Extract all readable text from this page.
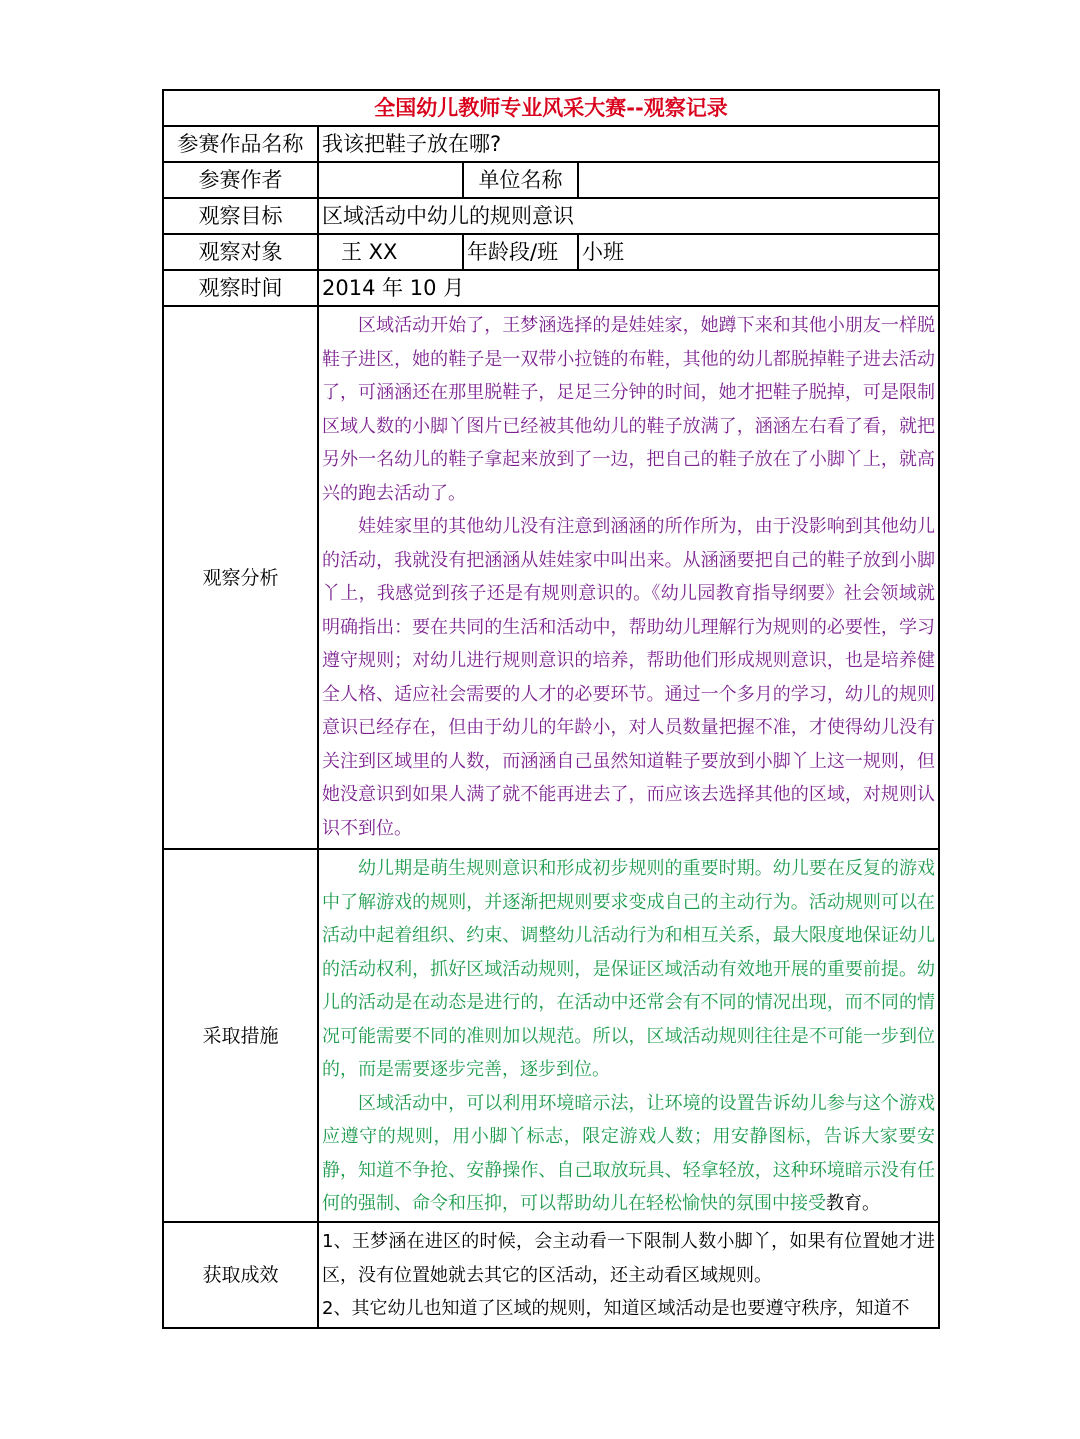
全国幼儿教师专业风采大赛--观察记录			
参赛作品名称	我该把鞋子放在哪?		
参赛作者		单位名称	
观察目标	区域活动中幼儿的规则意识		
观察对象	王 XX	年龄段/班	小班
观察时间	2014 年 10 月		
观察分析	区域活动开始了，王梦涵选择的是娃娃家，她蹲下来和其他小朋友一样脱鞋子进区，她的鞋子是一双带小拉链的布鞋，其他的幼儿都脱掉鞋子进去活动了，可涵涵还在那里脱鞋子，足足三分钟的时间，她才把鞋子脱掉，可是限制区域人数的小脚丫图片已经被其他幼儿的鞋子放满了，涵涵左右看了看，就把另外一名幼儿的鞋子拿起来放到了一边，把自己的鞋子放在了小脚丫上，就高兴的跑去活动了。

娃娃家里的其他幼儿没有注意到涵涵的所作所为，由于没影响到其他幼儿的活动，我就没有把涵涵从娃娃家中叫出来。从涵涵要把自己的鞋子放到小脚丫上，我感觉到孩子还是有规则意识的。《幼儿园教育指导纲要》社会领域就明确指出：要在共同的生活和活动中，帮助幼儿理解行为规则的必要性，学习遵守规则；对幼儿进行规则意识的培养，帮助他们形成规则意识，也是培养健全人格、适应社会需要的人才的必要环节。通过一个多月的学习，幼儿的规则意识已经存在，但由于幼儿的年龄小，对人员数量把握不准，才使得幼儿没有关注到区域里的人数，而涵涵自己虽然知道鞋子要放到小脚丫上这一规则，但她没意识到如果人满了就不能再进去了，而应该去选择其他的区域，对规则认识不到位。		

采取措施	幼儿期是萌生规则意识和形成初步规则的重要时期。幼儿要在反复的游戏中了解游戏的规则，并逐渐把规则要求变成自己的主动行为。活动规则可以在活动中起着组织、约束、调整幼儿活动行为和相互关系，最大限度地保证幼儿的活动权利，抓好区域活动规则，是保证区域活动有效地开展的重要前提。幼儿的活动是在动态是进行的，在活动中还常会有不同的情况出现，而不同的情况可能需要不同的准则加以规范。所以，区域活动规则往往是不可能一步到位的，而是需要逐步完善，逐步到位。

区域活动中，可以利用环境暗示法，让环境的设置告诉幼儿参与这个游戏应遵守的规则，用小脚丫标志，限定游戏人数；用安静图标，告诉大家要安静，知道不争抢、安静操作、自己取放玩具、轻拿轻放，这种环境暗示没有任何的强制、命令和压抑，可以帮助幼儿在轻松愉快的氛围中接受教育。		

获取成效	1、王梦涵在进区的时候，会主动看一下限制人数小脚丫，如果有位置她才进区，没有位置她就去其它的区活动，还主动看区域规则。

2、其它幼儿也知道了区域的规则，知道区域活动是也要遵守秩序，知道不		
